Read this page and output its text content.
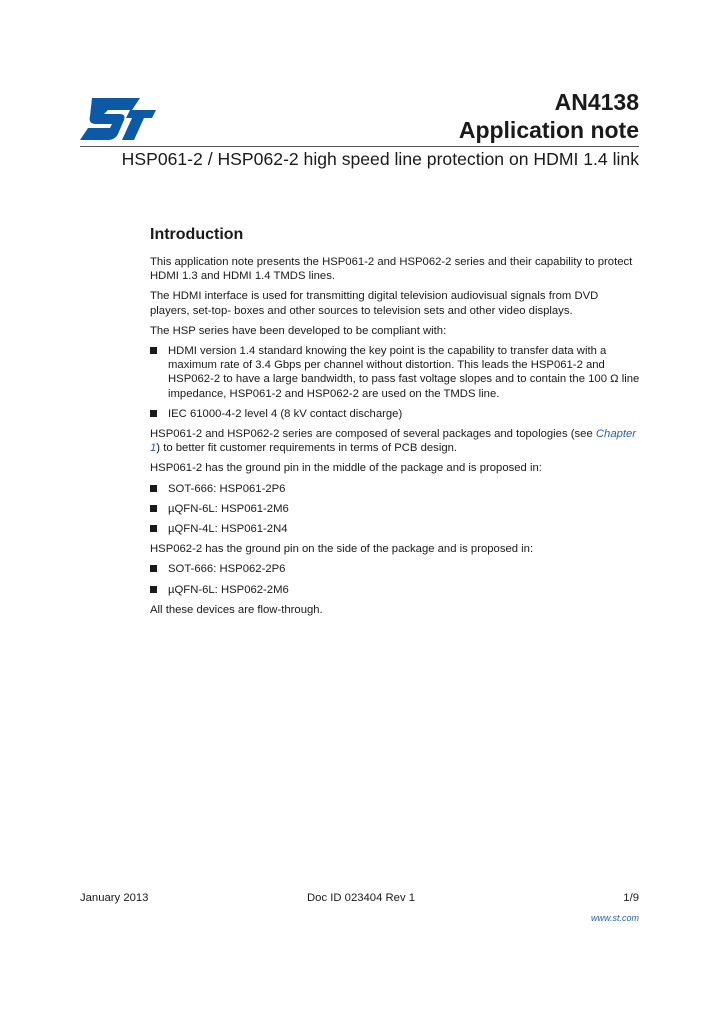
AN4138
Application note
HSP061-2 / HSP062-2 high speed line protection on HDMI 1.4 link
Introduction

This application note presents the HSP061-2 and HSP062-2 series and their capability to protect HDMI 1.3 and HDMI 1.4 TMDS lines.

The HDMI interface is used for transmitting digital television audiovisual signals from DVD players, set-top- boxes and other sources to television sets and other video displays.

The HSP series have been developed to be compliant with:

HDMI version 1.4 standard knowing the key point is the capability to transfer data with a maximum rate of 3.4 Gbps per channel without distortion. This leads the HSP061-2 and HSP062-2 to have a large bandwidth, to pass fast voltage slopes and to contain the 100 Ω line impedance, HSP061-2 and HSP062-2 are used on the TMDS line.
IEC 61000-4-2 level 4 (8 kV contact discharge)

HSP061-2 and HSP062-2 series are composed of several packages and topologies (see Chapter 1) to better fit customer requirements in terms of PCB design.

HSP061-2 has the ground pin in the middle of the package and is proposed in:

SOT-666: HSP061-2P6
µQFN-6L: HSP061-2M6
µQFN-4L: HSP061-2N4

HSP062-2 has the ground pin on the side of the package and is proposed in:

SOT-666: HSP062-2P6
µQFN-6L: HSP062-2M6

All these devices are flow-through.

January 2013	Doc ID 023404 Rev 1	1/9
www.st.com
